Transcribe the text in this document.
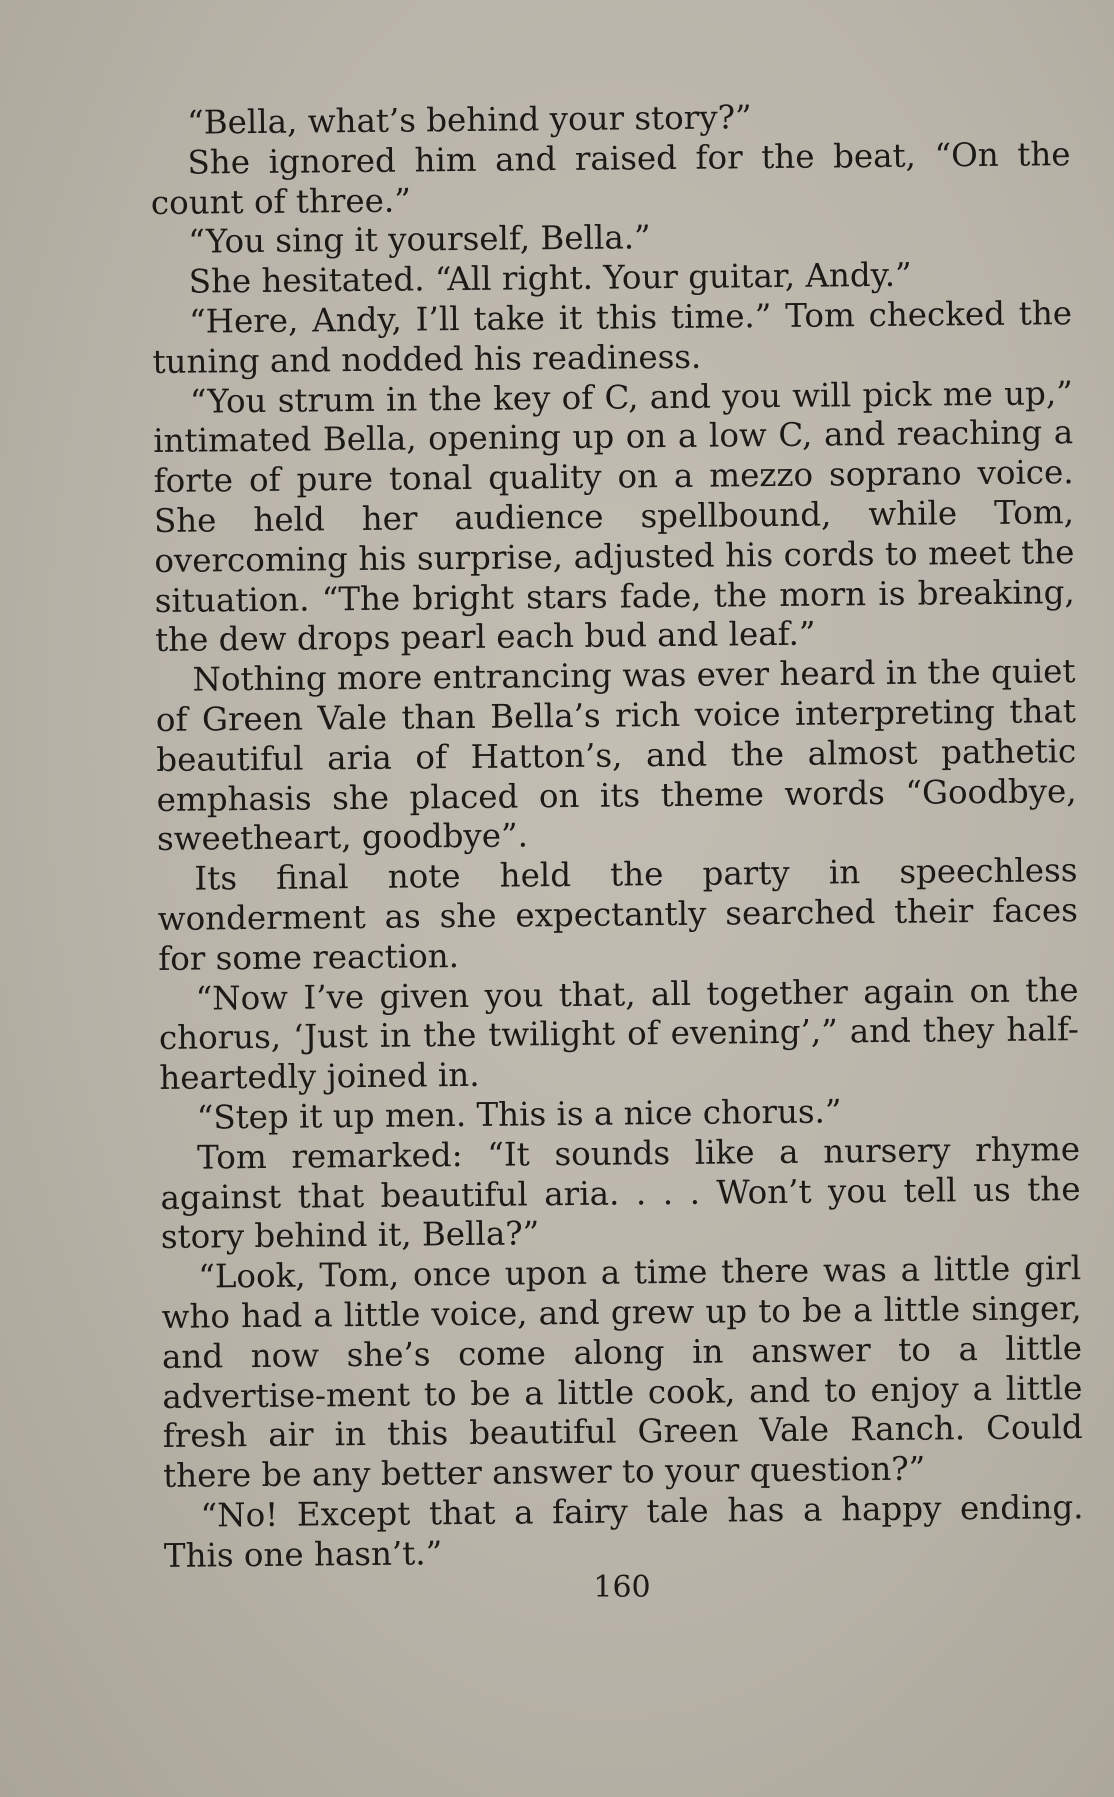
“Bella, what’s behind your story?”

She ignored him and raised for the beat, “On the count of three.”

“You sing it yourself, Bella.”

She hesitated. “All right. Your guitar, Andy.”

“Here, Andy, I’ll take it this time.” Tom checked the tuning and nodded his readiness.

“You strum in the key of C, and you will pick me up,” intimated Bella, opening up on a low C, and reaching a forte of pure tonal quality on a mezzo soprano voice. She held her audience spellbound, while Tom, overcoming his surprise, adjusted his cords to meet the situation. “The bright stars fade, the morn is breaking, the dew drops pearl each bud and leaf.”

Nothing more entrancing was ever heard in the quiet of Green Vale than Bella’s rich voice interpreting that beautiful aria of Hatton’s, and the almost pathetic emphasis she placed on its theme words “Goodbye, sweetheart, goodbye”.

Its final note held the party in speechless wonderment as she expectantly searched their faces for some reaction.

“Now I’ve given you that, all together again on the chorus, ‘Just in the twilight of evening’,” and they half-heartedly joined in.

“Step it up men. This is a nice chorus.”

Tom remarked: “It sounds like a nursery rhyme against that beautiful aria. . . . Won’t you tell us the story behind it, Bella?”

“Look, Tom, once upon a time there was a little girl who had a little voice, and grew up to be a little singer, and now she’s come along in answer to a little advertise-ment to be a little cook, and to enjoy a little fresh air in this beautiful Green Vale Ranch. Could there be any better answer to your question?”

“No! Except that a fairy tale has a happy ending. This one hasn’t.”

160
